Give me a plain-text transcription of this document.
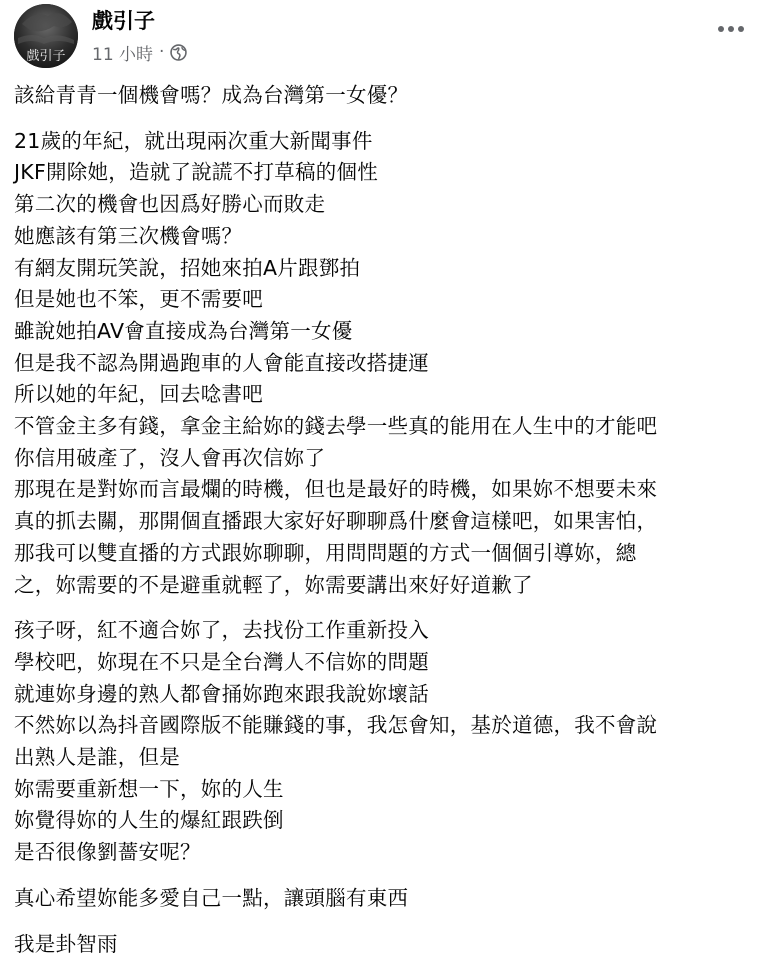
戲引子
戲引子
11 小時 ·
該給青青一個機會嗎？成為台灣第一女優？
21歲的年紀，就出現兩次重大新聞事件
JKF開除她，造就了說謊不打草稿的個性
第二次的機會也因爲好勝心而敗走
她應該有第三次機會嗎？
有網友開玩笑說，招她來拍A片跟鄧拍
但是她也不笨，更不需要吧
雖說她拍AV會直接成為台灣第一女優
但是我不認為開過跑車的人會能直接改搭捷運
所以她的年紀，回去唸書吧
不管金主多有錢，拿金主給妳的錢去學一些真的能用在人生中的才能吧
你信用破產了，沒人會再次信妳了
那現在是對妳而言最爛的時機，但也是最好的時機，如果妳不想要未來
真的抓去關，那開個直播跟大家好好聊聊爲什麼會這樣吧，如果害怕，
那我可以雙直播的方式跟妳聊聊，用問問題的方式一個個引導妳，總
之，妳需要的不是避重就輕了，妳需要講出來好好道歉了
孩子呀，紅不適合妳了，去找份工作重新投入
學校吧，妳現在不只是全台灣人不信妳的問題
就連妳身邊的熟人都會捅妳跑來跟我說妳壞話
不然妳以為抖音國際版不能賺錢的事，我怎會知，基於道德，我不會說
出熟人是誰，但是
妳需要重新想一下，妳的人生
妳覺得妳的人生的爆紅跟跌倒
是否很像劉薔安￼￼呢？
真心希望妳能多愛自己一點，讓頭腦有東西
我是卦智雨
